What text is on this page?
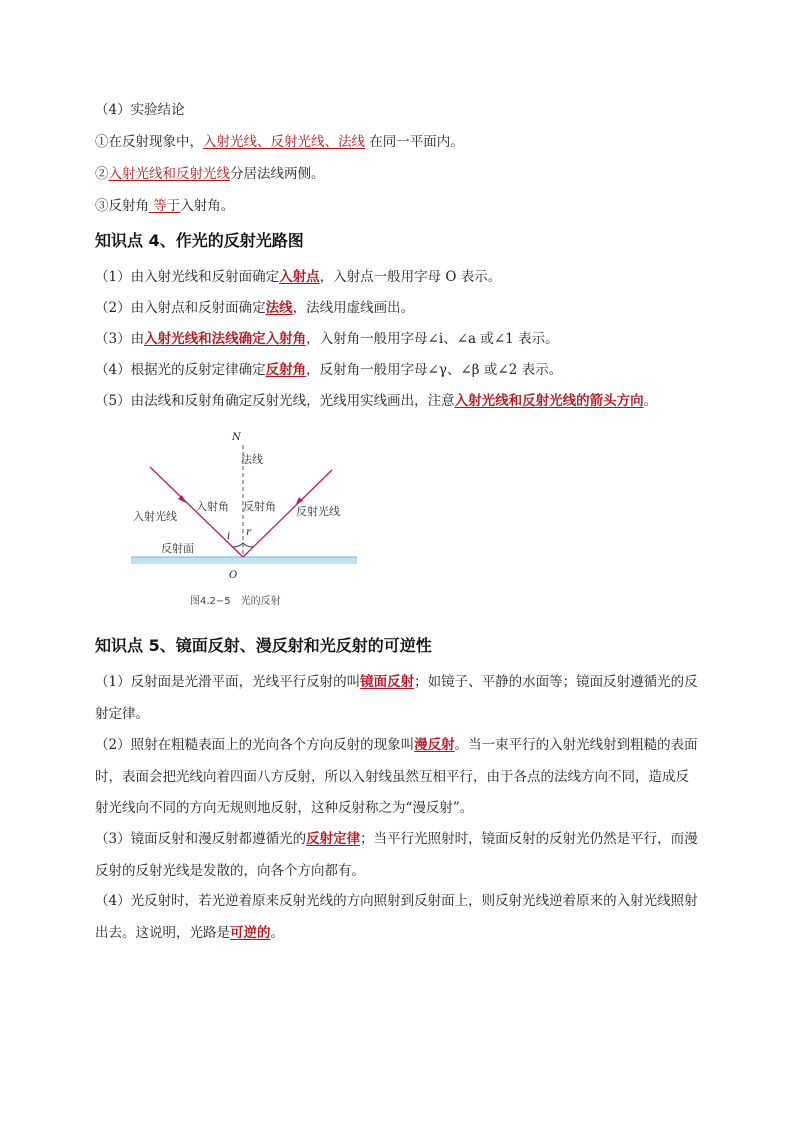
（4）实验结论
①在反射现象中，入射光线、反射光线、法线 在同一平面内。
②入射光线和反射光线分居法线两侧。
③反射角 等于入射角。
知识点 4、作光的反射光路图
（1）由入射光线和反射面确定入射点，入射点一般用字母 O 表示。
（2）由入射点和反射面确定法线，法线用虚线画出。
（3）由入射光线和法线确定入射角，入射角一般用字母∠i、∠a 或∠1 表示。
（4）根据光的反射定律确定反射角，反射角一般用字母∠γ、∠β 或∠2 表示。
（5）由法线和反射角确定反射光线，光线用实线画出，注意入射光线和反射光线的箭头方向。
N
法线
入射光线
入射角 反射角 反射光线
反射面
i r
O
图4.2−5　光的反射
知识点 5、镜面反射、漫反射和光反射的可逆性
（1）反射面是光滑平面，光线平行反射的叫镜面反射；如镜子、平静的水面等；镜面反射遵循光的反射定律。
（2）照射在粗糙表面上的光向各个方向反射的现象叫漫反射。当一束平行的入射光线射到粗糙的表面时，表面会把光线向着四面八方反射，所以入射线虽然互相平行，由于各点的法线方向不同，造成反射光线向不同的方向无规则地反射，这种反射称之为“漫反射”。
（3）镜面反射和漫反射都遵循光的反射定律；当平行光照射时，镜面反射的反射光仍然是平行，而漫反射的反射光线是发散的，向各个方向都有。
（4）光反射时，若光逆着原来反射光线的方向照射到反射面上，则反射光线逆着原来的入射光线照射出去。这说明，光路是可逆的。
